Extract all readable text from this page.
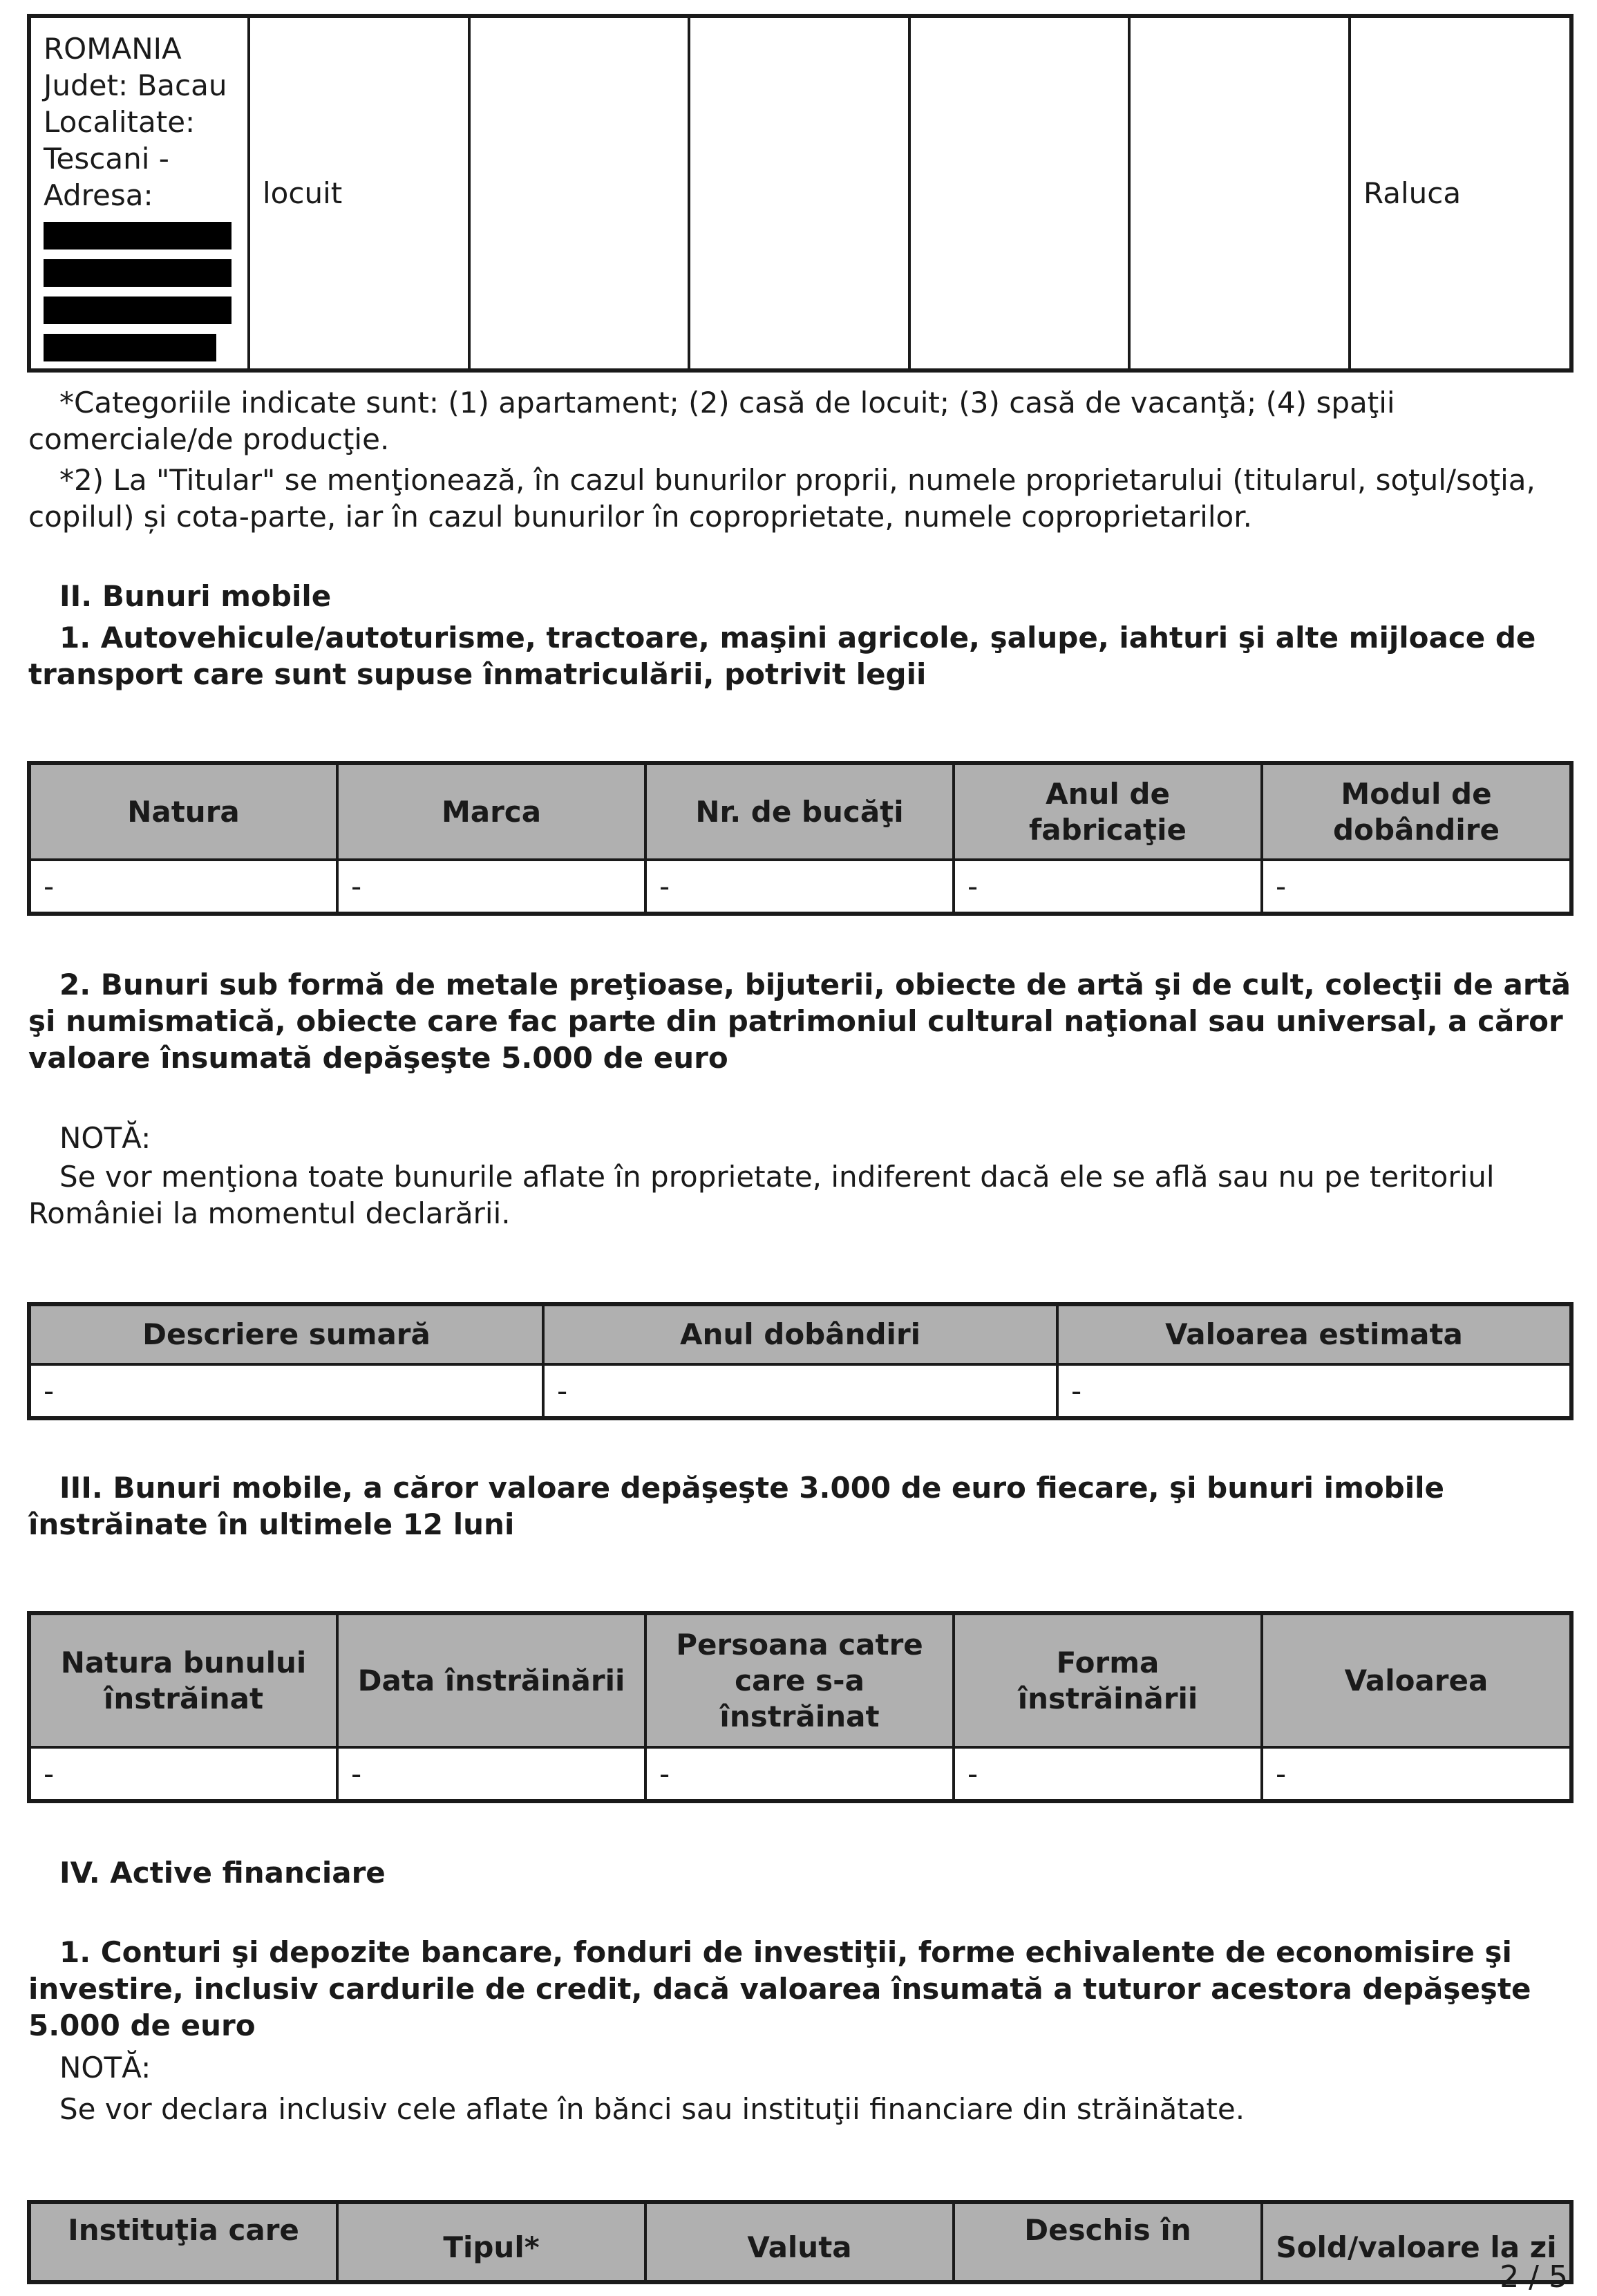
ROMANIA
Judet: Bacau
Localitate:
Tescani -
Adresa:	locuit					Raluca
*Categoriile indicate sunt: (1) apartament; (2) casă de locuit; (3) casă de vacanţă; (4) spaţii comerciale/de producţie.
*2) La "Titular" se menţionează, în cazul bunurilor proprii, numele proprietarului (titularul, soţul/soţia, copilul) și cota-parte, iar în cazul bunurilor în coproprietate, numele coproprietarilor.
II. Bunuri mobile
1. Autovehicule/autoturisme, tractoare, maşini agricole, şalupe, iahturi şi alte mijloace de transport care sunt supuse înmatriculării, potrivit legii
Natura	Marca	Nr. de bucăţi	Anul de fabricaţie	Modul de dobândire
-	-	-	-	-
2. Bunuri sub formă de metale preţioase, bijuterii, obiecte de artă şi de cult, colecţii de artă şi numismatică, obiecte care fac parte din patrimoniul cultural naţional sau universal, a căror valoare însumată depăşeşte 5.000 de euro
NOTĂ:
Se vor menţiona toate bunurile aflate în proprietate, indiferent dacă ele se află sau nu pe teritoriul României la momentul declarării.
Descriere sumară	Anul dobândiri	Valoarea estimata
-	-	-
III. Bunuri mobile, a căror valoare depăşeşte 3.000 de euro fiecare, şi bunuri imobile înstrăinate în ultimele 12 luni
Natura bunului înstrăinat	Data înstrăinării	Persoana catre care s-a înstrăinat	Forma înstrăinării	Valoarea
-	-	-	-	-
IV. Active financiare
1. Conturi şi depozite bancare, fonduri de investiţii, forme echivalente de economisire şi investire, inclusiv cardurile de credit, dacă valoarea însumată a tuturor acestora depăşeşte 5.000 de euro
NOTĂ:
Se vor declara inclusiv cele aflate în bănci sau instituţii financiare din străinătate.
Instituţia care	Tipul*	Valuta	Deschis în	Sold/valoare la zi
2 / 5
